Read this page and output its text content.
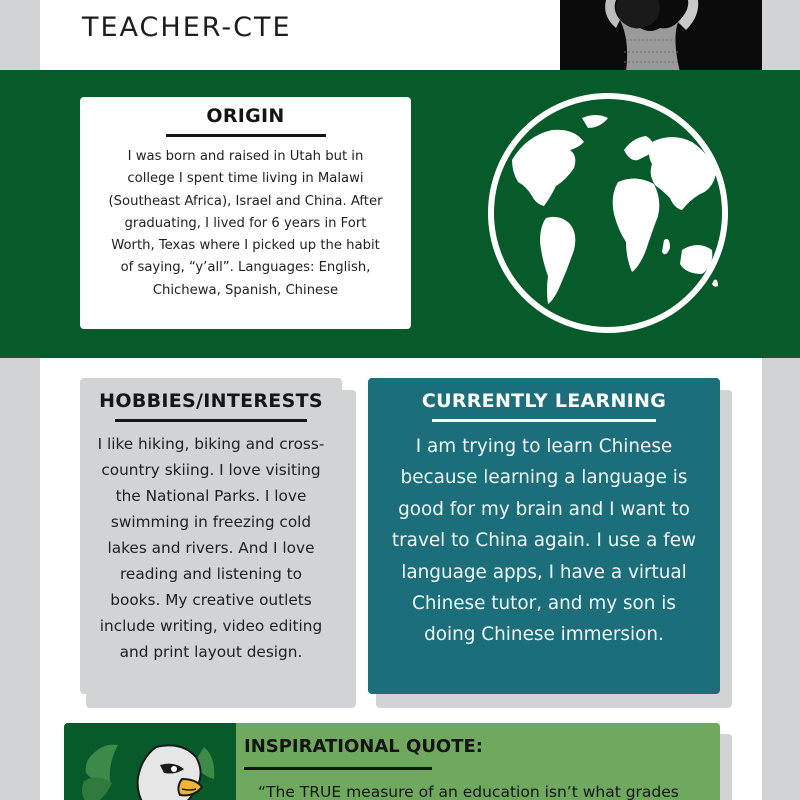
TEACHER-CTE
ORIGIN

I was born and raised in Utah but in
college I spent time living in Malawi
(Southeast Africa), Israel and China. After
graduating, I lived for 6 years in Fort
Worth, Texas where I picked up the habit
of saying, “y’all”. Languages: English,
Chichewa, Spanish, Chinese

HOBBIES/INTERESTS

I like hiking, biking and cross-
country skiing. I love visiting
the National Parks. I love
swimming in freezing cold
lakes and rivers. And I love
reading and listening to
books. My creative outlets
include writing, video editing
and print layout design.

CURRENTLY LEARNING

I am trying to learn Chinese
because learning a language is
good for my brain and I want to
travel to China again. I use a few
language apps, I have a virtual
Chinese tutor, and my son is
doing Chinese immersion.

INSPIRATIONAL QUOTE:
“The TRUE measure of an education isn’t what grades
